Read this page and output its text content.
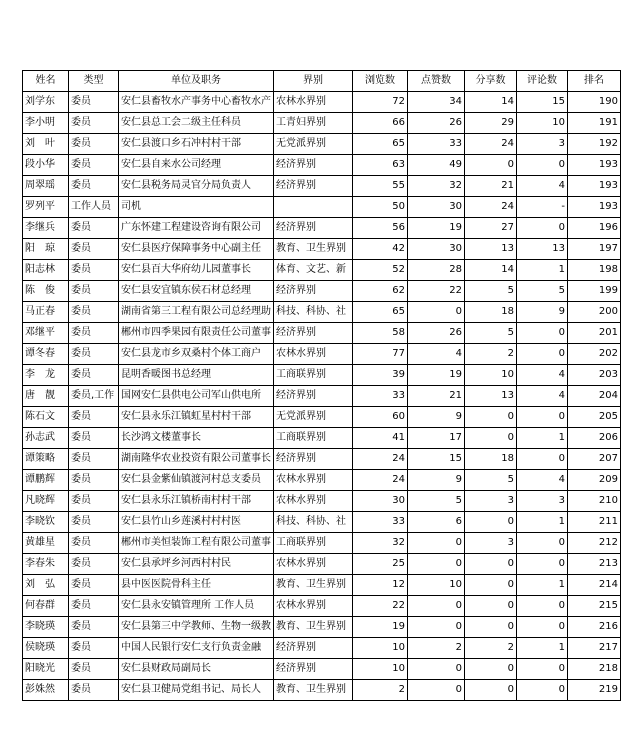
姓名	类型	单位及职务	界别	浏览数	点赞数	分享数	评论数	排名
刘学东	委员	安仁县畜牧水产事务中心畜牧水产	农林水界别	72	34	14	15	190
李小明	委员	安仁县总工会二级主任科员	工青妇界别	66	26	29	10	191
刘　叶	委员	安仁县渡口乡石冲村村干部	无党派界别	65	33	24	3	192
段小华	委员	安仁县自来水公司经理	经济界别	63	49	0	0	193
周翠瑶	委员	安仁县税务局灵官分局负责人	经济界别	55	32	21	4	193
罗列平	工作人员	司机		50	30	24	-	193
李继兵	委员	广东怀建工程建设咨询有限公司	经济界别	56	19	27	0	196
阳　琼	委员	安仁县医疗保障事务中心副主任	教育、卫生界别	42	30	13	13	197
阳志林	委员	安仁县百大华府幼儿园董事长	体育、文艺、新	52	28	14	1	198
陈　俊	委员	安仁县安宜镇东侯石材总经理	经济界别	62	22	5	5	199
马正春	委员	湖南省第三工程有限公司总经理助	科技、科协、社	65	0	18	9	200
邓继平	委员	郴州市四季果园有限责任公司董事	经济界别	58	26	5	0	201
谭冬春	委员	安仁县龙市乡双桑村个体工商户	农林水界别	77	4	2	0	202
李　龙	委员	昆明香暖图书总经理	工商联界别	39	19	10	4	203
唐　靓	委员,工作	国网安仁县供电公司军山供电所	经济界别	33	21	13	4	204
陈石文	委员	安仁县永乐江镇虹星村村干部	无党派界别	60	9	0	0	205
孙志武	委员	长沙鸿文楼董事长	工商联界别	41	17	0	1	206
谭策略	委员	湖南隆华农业投资有限公司董事长	经济界别	24	15	18	0	207
谭鹏辉	委员	安仁县金紫仙镇渡河村总支委员	农林水界别	24	9	5	4	209
凡晓辉	委员	安仁县永乐江镇桥南村村干部	农林水界别	30	5	3	3	210
李晓钦	委员	安仁县竹山乡莲溪村村村医	科技、科协、社	33	6	0	1	211
黄雄星	委员	郴州市美恒装饰工程有限公司董事	工商联界别	32	0	3	0	212
李春朱	委员	安仁县承坪乡河西村村民	农林水界别	25	0	0	0	213
刘　弘	委员	县中医医院骨科主任	教育、卫生界别	12	10	0	1	214
何春群	委员	安仁县永安镇管理所 工作人员	农林水界别	22	0	0	0	215
李晓瑛	委员	安仁县第三中学教师、生物一级教	教育、卫生界别	19	0	0	0	216
侯晓瑛	委员	中国人民银行安仁支行负责金融	经济界别	10	2	2	1	217
阳晓光	委员	安仁县财政局副局长	经济界别	10	0	0	0	218
彭姝然	委员	安仁县卫健局党组书记、局长人	教育、卫生界别	2	0	0	0	219
